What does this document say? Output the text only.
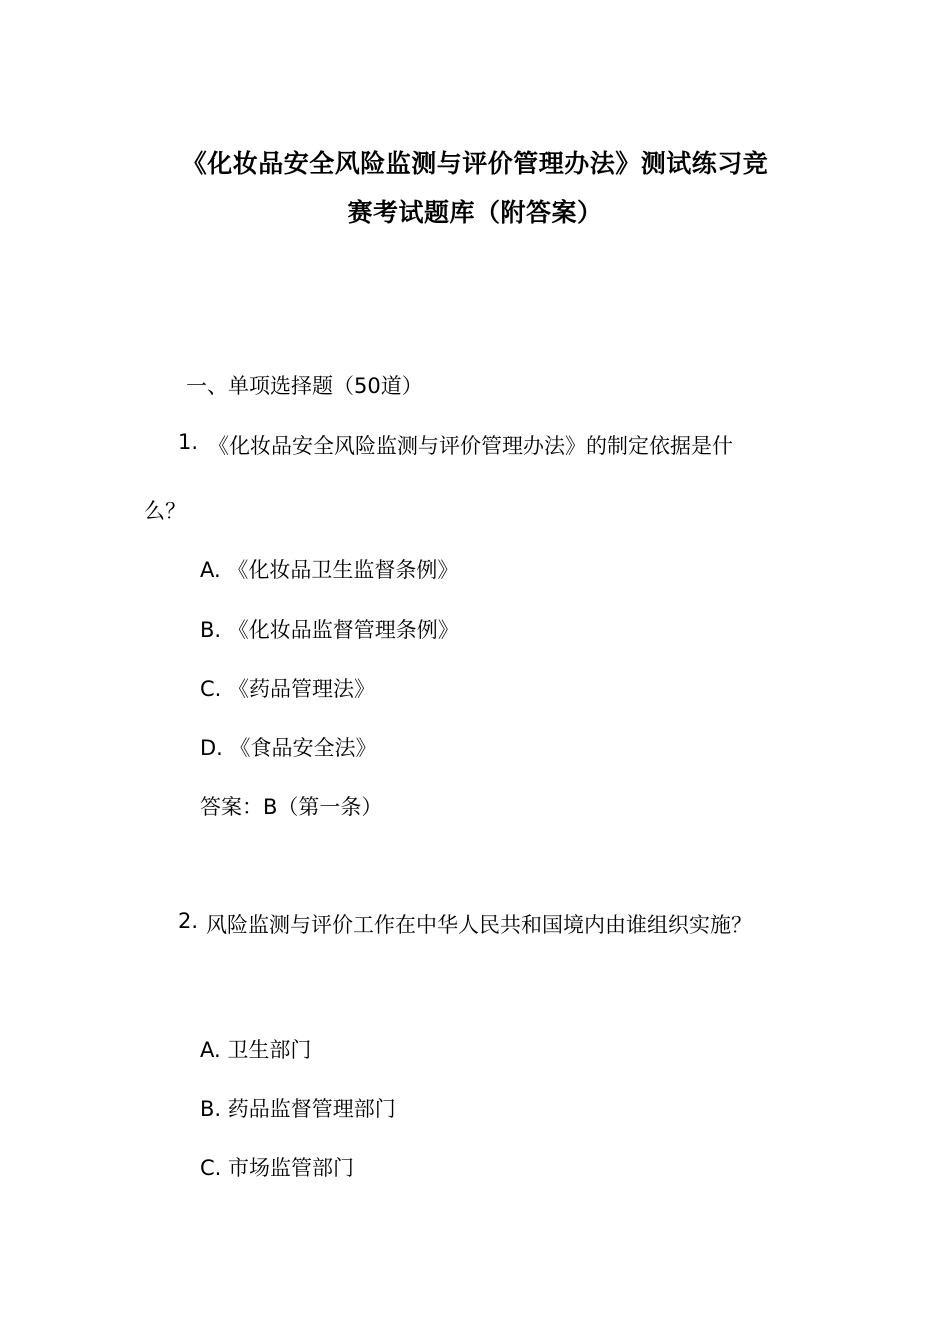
《化妆品安全风险监测与评价管理办法》测试练习竞
赛考试题库（附答案）
一、单项选择题（50道）
1. 《化妆品安全风险监测与评价管理办法》的制定依据是什
么？
A. 《化妆品卫生监督条例》
B. 《化妆品监督管理条例》
C. 《药品管理法》
D. 《食品安全法》
答案：B（第一条）
2. 风险监测与评价工作在中华人民共和国境内由谁组织实施？
A. 卫生部门
B. 药品监督管理部门
C. 市场监管部门
